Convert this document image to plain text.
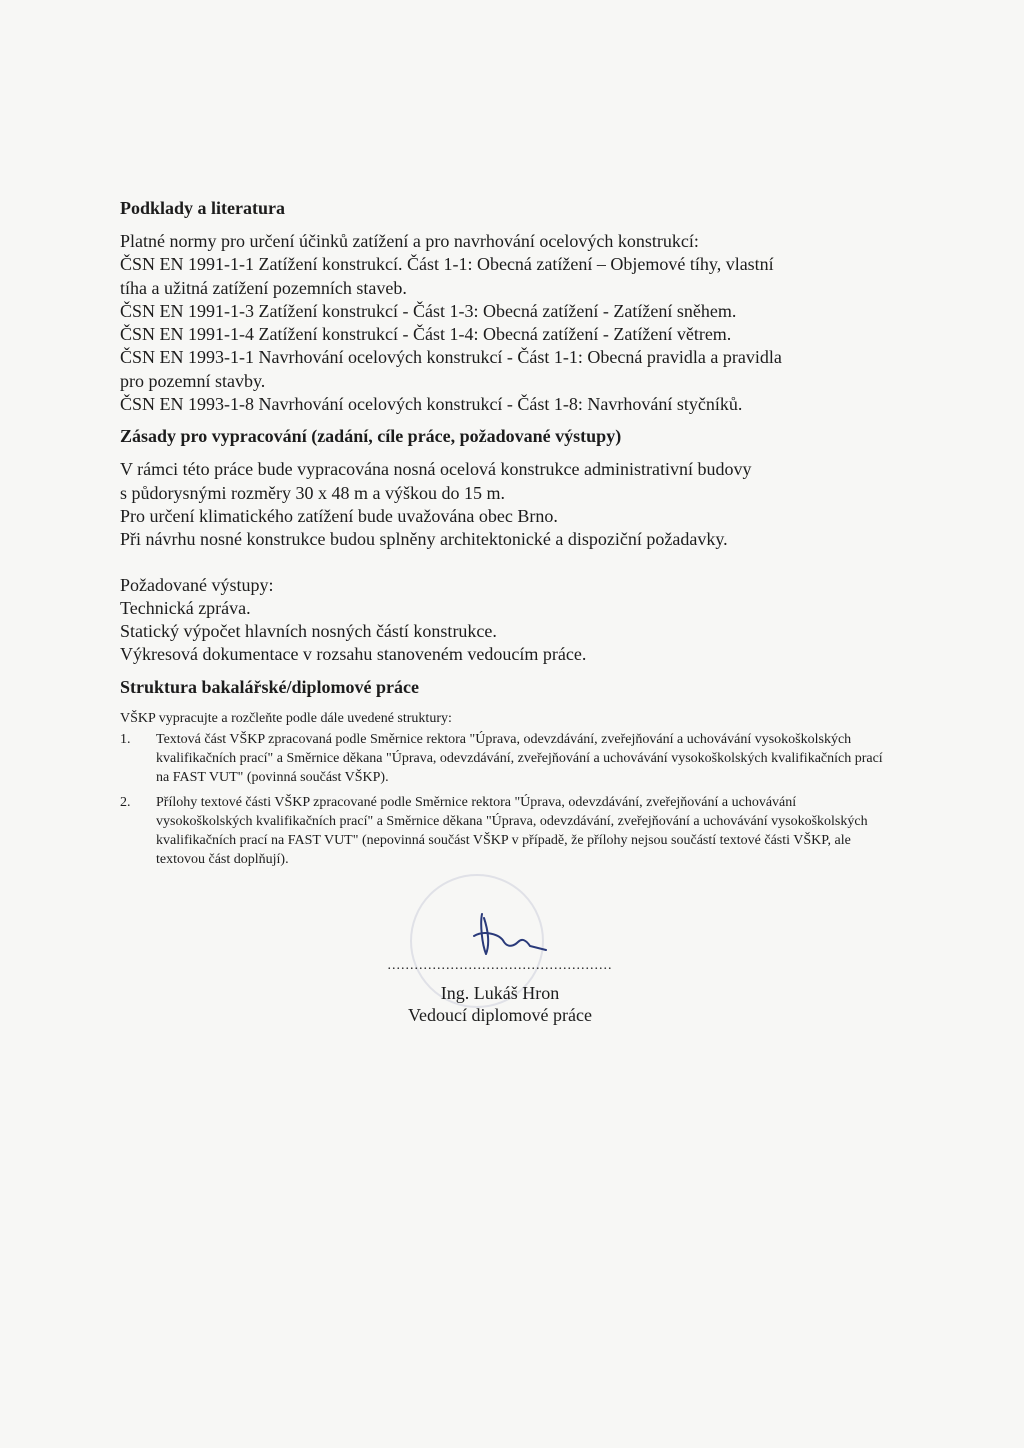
Podklady a literatura

Platné normy pro určení účinků zatížení a pro navrhování ocelových konstrukcí:

ČSN EN 1991-1-1 Zatížení konstrukcí. Část 1-1: Obecná zatížení – Objemové tíhy, vlastní

tíha a užitná zatížení pozemních staveb.

ČSN EN 1991-1-3 Zatížení konstrukcí - Část 1-3: Obecná zatížení - Zatížení sněhem.

ČSN EN 1991-1-4 Zatížení konstrukcí - Část 1-4: Obecná zatížení - Zatížení větrem.

ČSN EN 1993-1-1 Navrhování ocelových konstrukcí - Část 1-1: Obecná pravidla a pravidla

pro pozemní stavby.

ČSN EN 1993-1-8 Navrhování ocelových konstrukcí - Část 1-8: Navrhování styčníků.

Zásady pro vypracování (zadání, cíle práce, požadované výstupy)

V rámci této práce bude vypracována nosná ocelová konstrukce administrativní budovy

s půdorysnými rozměry 30 x 48 m a výškou do 15 m.

Pro určení klimatického zatížení bude uvažována obec Brno.

Při návrhu nosné konstrukce budou splněny architektonické a dispoziční požadavky.

Požadované výstupy:

Technická zpráva.

Statický výpočet hlavních nosných částí konstrukce.

Výkresová dokumentace v rozsahu stanoveném vedoucím práce.

Struktura bakalářské/diplomové práce

VŠKP vypracujte a rozčleňte podle dále uvedené struktury:

1.	Textová část VŠKP zpracovaná podle Směrnice rektora "Úprava, odevzdávání, zveřejňování a uchovávání vysokoškolských kvalifikačních prací" a Směrnice děkana "Úprava, odevzdávání, zveřejňování a uchovávání vysokoškolských kvalifikačních prací na FAST VUT" (povinná součást VŠKP).
2.	Přílohy textové části VŠKP zpracované podle Směrnice rektora "Úprava, odevzdávání, zveřejňování a uchovávání vysokoškolských kvalifikačních prací" a Směrnice děkana "Úprava, odevzdávání, zveřejňování a uchovávání vysokoškolských kvalifikačních prací na FAST VUT" (nepovinná součást VŠKP v případě, že přílohy nejsou součástí textové části VŠKP, ale textovou část doplňují).
..................................................
Ing. Lukáš Hron
Vedoucí diplomové práce
